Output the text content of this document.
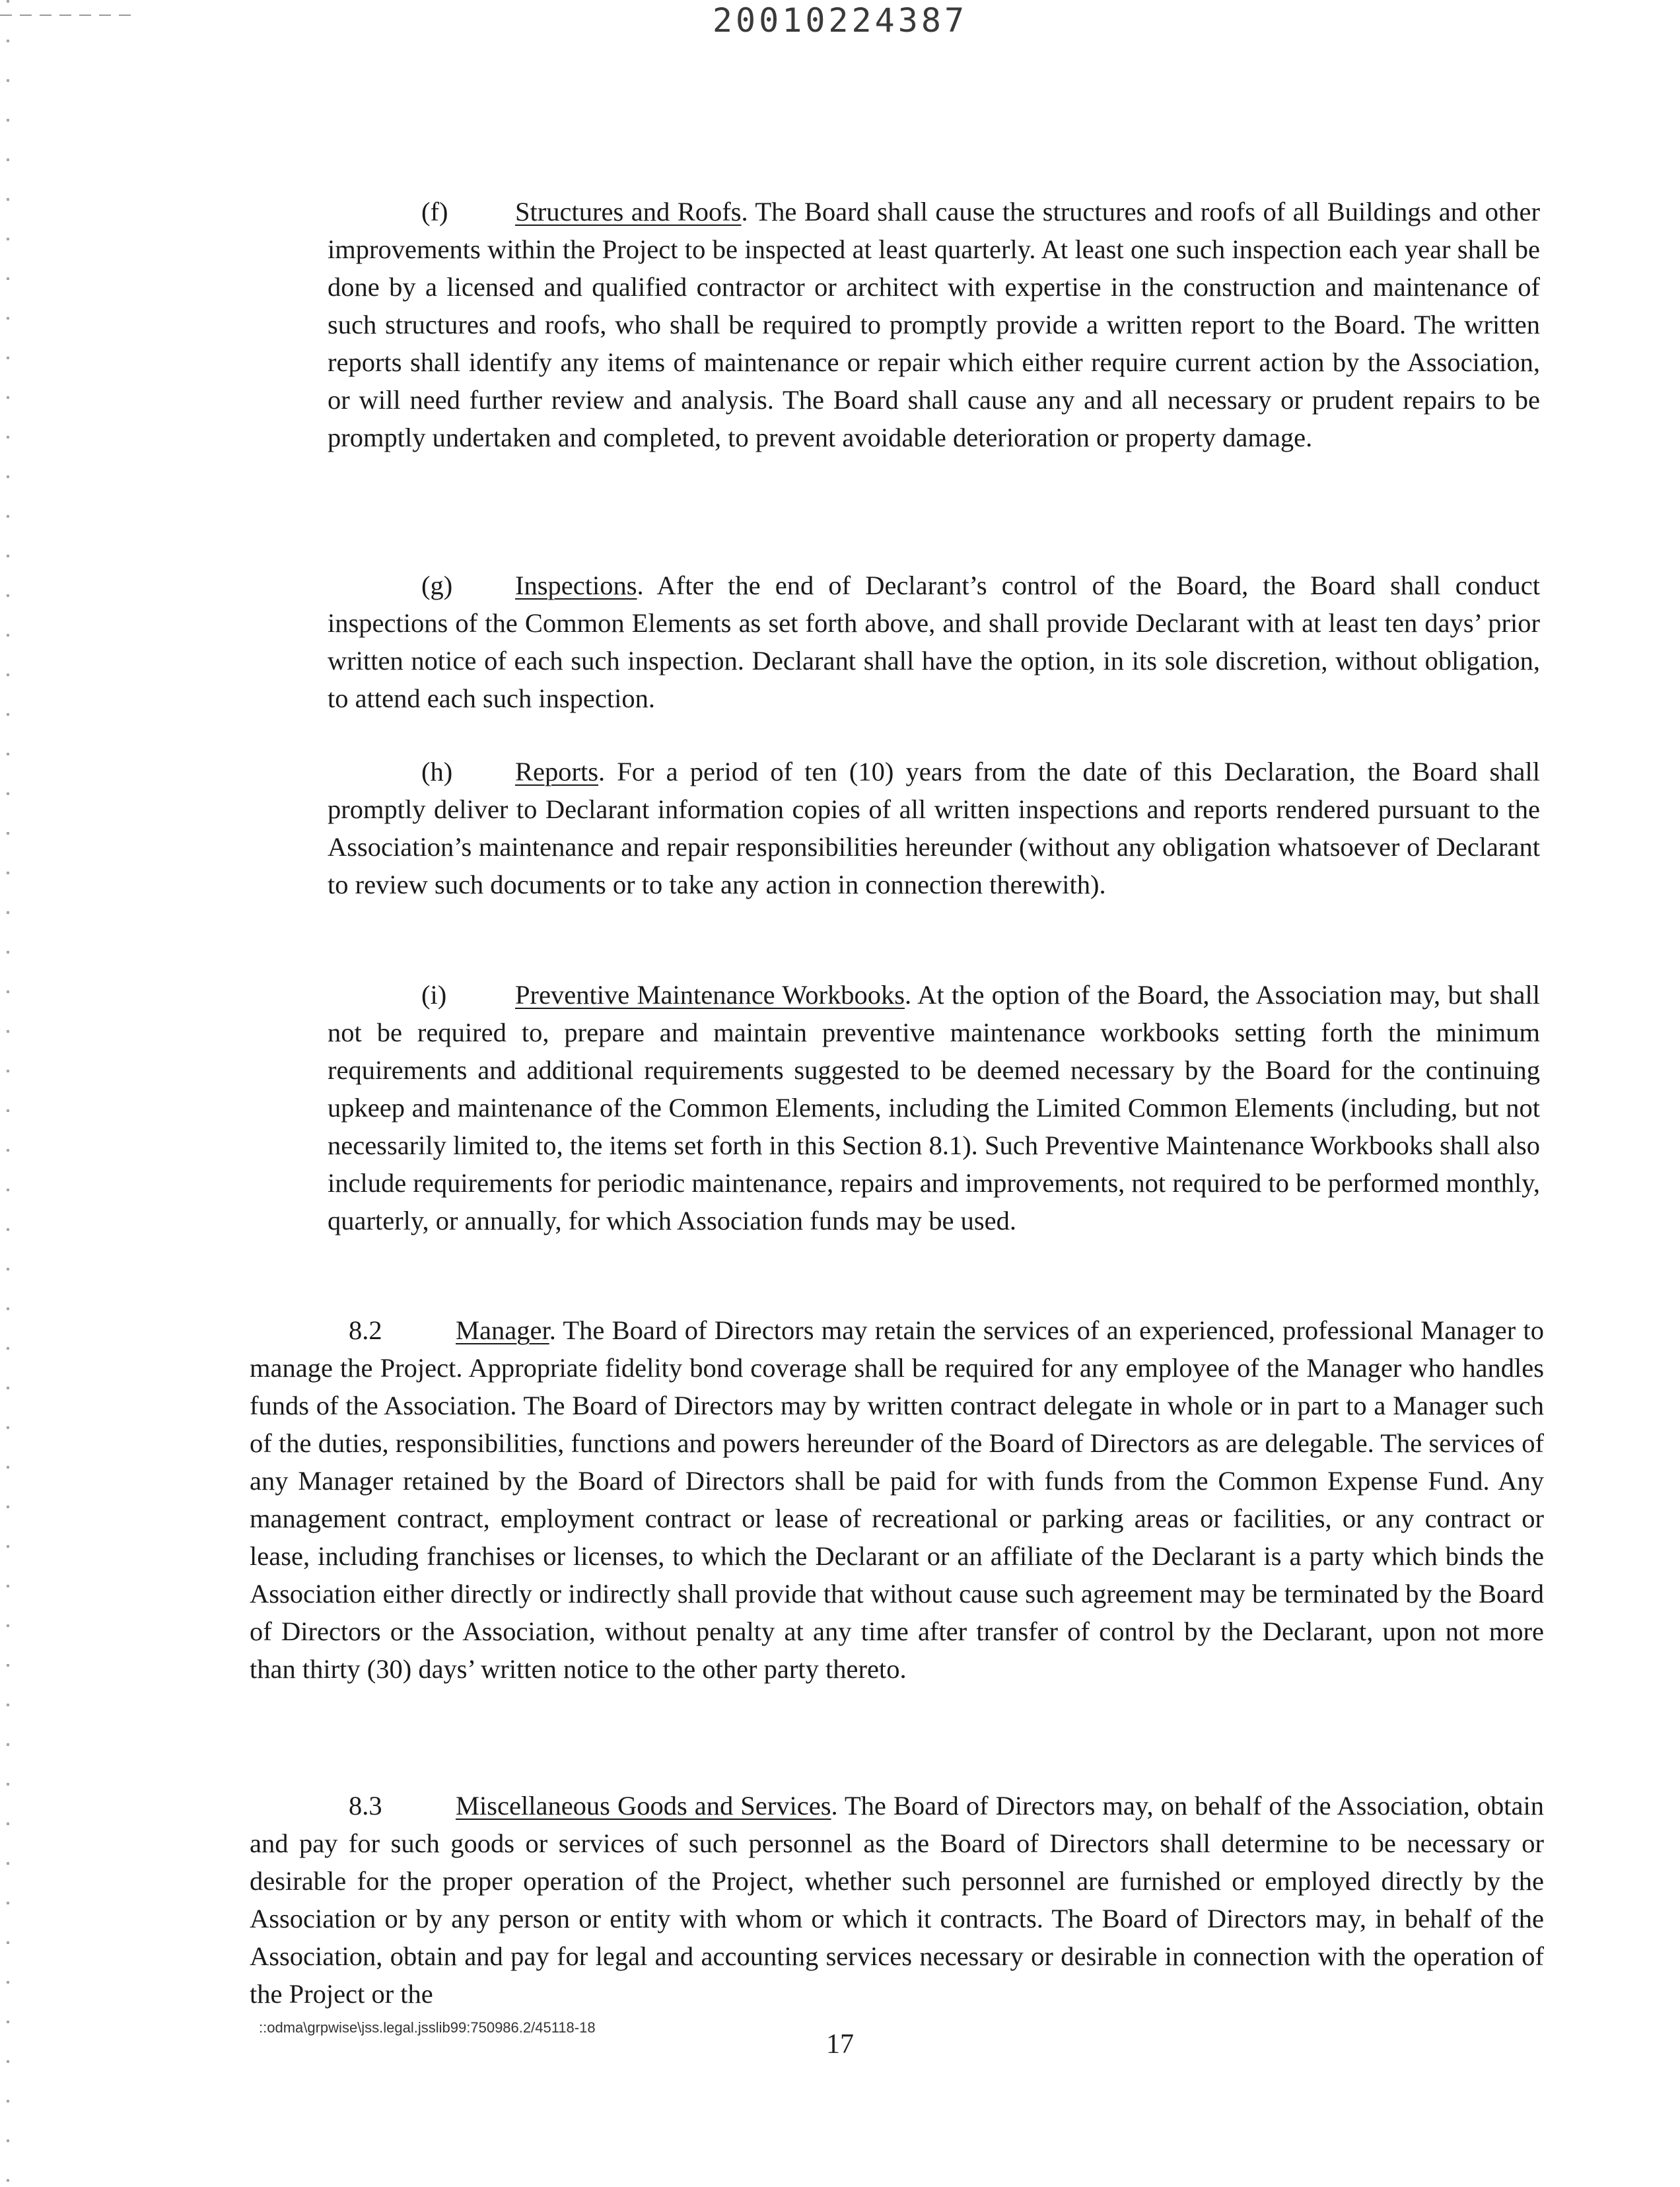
20010224387

(f)	Structures and Roofs. The Board shall cause the structures and roofs of all Buildings and other improvements within the Project to be inspected at least quarterly. At least one such inspection each year shall be done by a licensed and qualified contractor or architect with expertise in the construction and maintenance of such structures and roofs, who shall be required to promptly provide a written report to the Board. The written reports shall identify any items of maintenance or repair which either require current action by the Association, or will need further review and analysis. The Board shall cause any and all necessary or prudent repairs to be promptly undertaken and completed, to prevent avoidable deterioration or property damage.

(g) Inspections. After the end of Declarant’s control of the Board, the Board shall conduct inspections of the Common Elements as set forth above, and shall provide Declarant with at least ten days’ prior written notice of each such inspection. Declarant shall have the option, in its sole discretion, without obligation, to attend each such inspection.

(h) Reports. For a period of ten (10) years from the date of this Declaration, the Board shall promptly deliver to Declarant information copies of all written inspections and reports rendered pursuant to the Association’s maintenance and repair responsibilities hereunder (without any obligation whatsoever of Declarant to review such documents or to take any action in connection therewith).

(i)	Preventive Maintenance Workbooks. At the option of the Board, the Association may, but shall not be required to, prepare and maintain preventive maintenance workbooks setting forth the minimum requirements and additional requirements suggested to be deemed necessary by the Board for the continuing upkeep and maintenance of the Common Elements, including the Limited Common Elements (including, but not necessarily limited to, the items set forth in this Section 8.1). Such Preventive Maintenance Workbooks shall also include requirements for periodic maintenance, repairs and improvements, not required to be performed monthly, quarterly, or annually, for which Association funds may be used.

8.2	Manager. The Board of Directors may retain the services of an experienced, professional Manager to manage the Project. Appropriate fidelity bond coverage shall be required for any employee of the Manager who handles funds of the Association. The Board of Directors may by written contract delegate in whole or in part to a Manager such of the duties, responsibilities, functions and powers hereunder of the Board of Directors as are delegable. The services of any Manager retained by the Board of Directors shall be paid for with funds from the Common Expense Fund. Any management contract, employment contract or lease of recreational or parking areas or facilities, or any contract or lease, including franchises or licenses, to which the Declarant or an affiliate of the Declarant is a party which binds the Association either directly or indirectly shall provide that without cause such agreement may be terminated by the Board of Directors or the Association, without penalty at any time after transfer of control by the Declarant, upon not more than thirty (30) days’ written notice to the other party thereto.

8.3	Miscellaneous Goods and Services. The Board of Directors may, on behalf of the Association, obtain and pay for such goods or services of such personnel as the Board of Directors shall determine to be necessary or desirable for the proper operation of the Project, whether such personnel are furnished or employed directly by the Association or by any person or entity with whom or which it contracts. The Board of Directors may, in behalf of the Association, obtain and pay for legal and accounting services necessary or desirable in connection with the operation of the Project or the

::odma\grpwise\jss.legal.jsslib99:750986.2/45118-18
17
